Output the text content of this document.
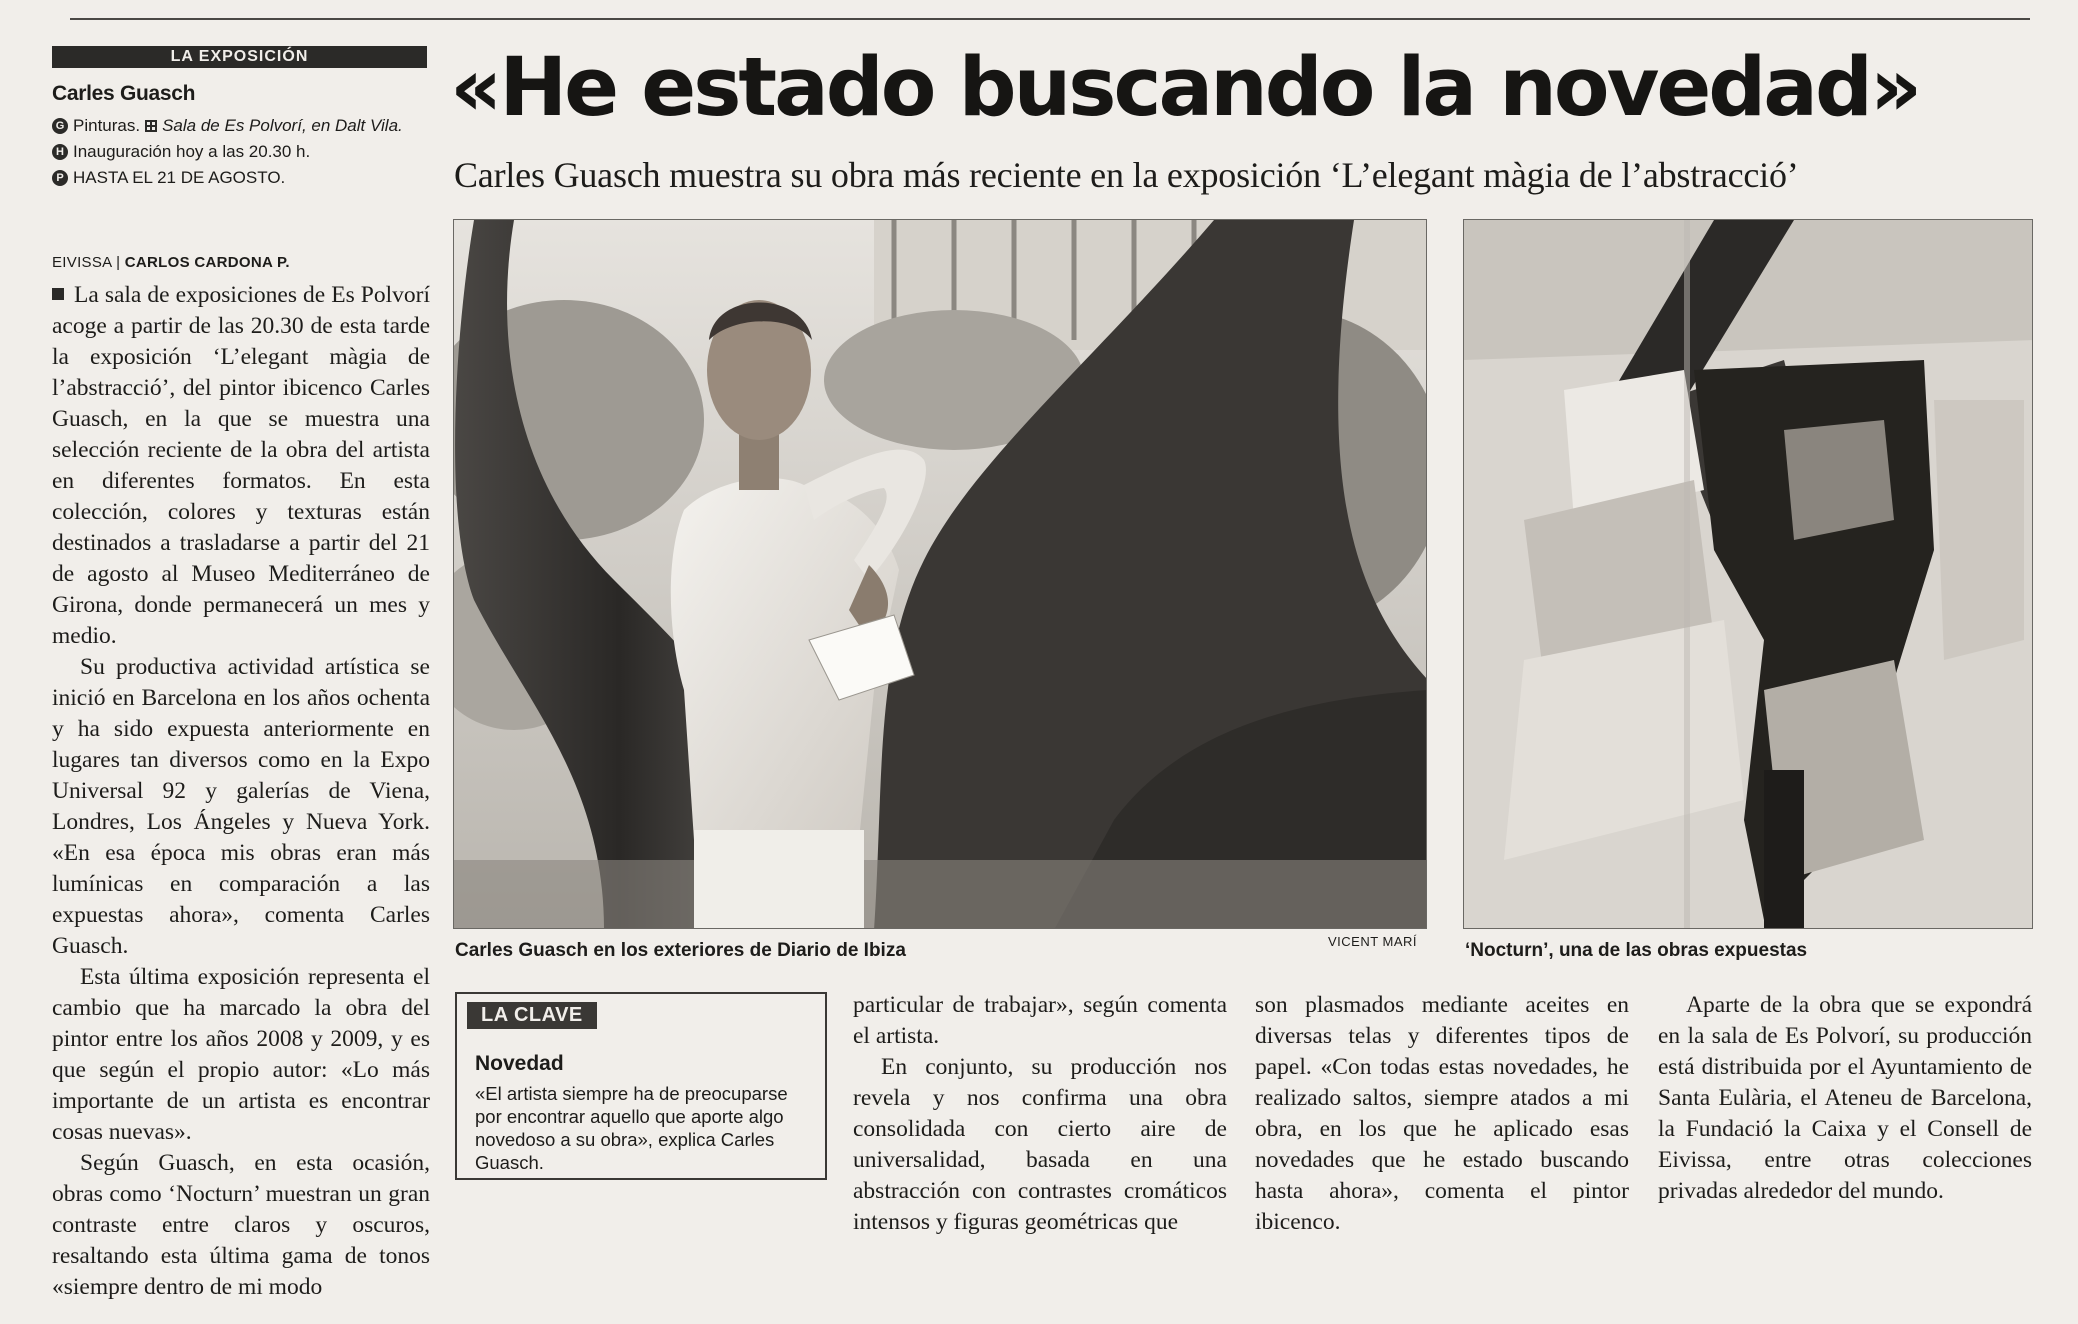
LA EXPOSICIÓN
Carles Guasch
G Pinturas. Sala de Es Polvorí, en Dalt Vila.
H Inauguración hoy a las 20.30 h.
P HASTA EL 21 DE AGOSTO.
«He estado buscando la novedad»
Carles Guasch muestra su obra más reciente en la exposición ‘L’elegant màgia de l’abstracció’
EIVISSA | CARLOS CARDONA P.

La sala de exposiciones de Es Polvorí acoge a partir de las 20.30 de esta tarde la exposición ‘L’elegant màgia de l’abstracció’, del pintor ibicenco Carles Guasch, en la que se muestra una selección reciente de la obra del artista en diferentes formatos. En esta colección, colores y texturas están destinados a trasladarse a partir del 21 de agosto al Museo Mediterráneo de Girona, donde permanecerá un mes y medio.

Su productiva actividad artística se inició en Barcelona en los años ochenta y ha sido expuesta anteriormente en lugares tan diversos como en la Expo Universal 92 y galerías de Viena, Londres, Los Ángeles y Nueva York. «En esa época mis obras eran más lumínicas en comparación a las expuestas ahora», comenta Carles Guasch.

Esta última exposición representa el cambio que ha marcado la obra del pintor entre los años 2008 y 2009, y es que según el propio autor: «Lo más importante de un artista es encontrar cosas nuevas».

Según Guasch, en esta ocasión, obras como ‘Nocturn’ muestran un gran contraste entre claros y oscuros, resaltando esta última gama de tonos «siempre dentro de mi modo

Carles Guasch en los exteriores de Diario de Ibiza	VICENT MARÍ	‘Nocturn’, una de las obras expuestas
LA CLAVE
Novedad
«El artista siempre ha de preocuparse por encontrar aquello que aporte algo novedoso a su obra», explica Carles Guasch.

particular de trabajar», según comenta el artista.

En conjunto, su producción nos revela y nos confirma una obra consolidada con cierto aire de universalidad, basada en una abstracción con contrastes cromáticos intensos y figuras geométricas que

son plasmados mediante aceites en diversas telas y diferentes tipos de papel. «Con todas estas novedades, he realizado saltos, siempre atados a mi obra, en los que he aplicado esas novedades que he estado buscando hasta ahora», comenta el pintor ibicenco.

Aparte de la obra que se expondrá en la sala de Es Polvorí, su producción está distribuida por el Ayuntamiento de Santa Eulària, el Ateneu de Barcelona, la Fundació la Caixa y el Consell de Eivissa, entre otras colecciones privadas alrededor del mundo.
